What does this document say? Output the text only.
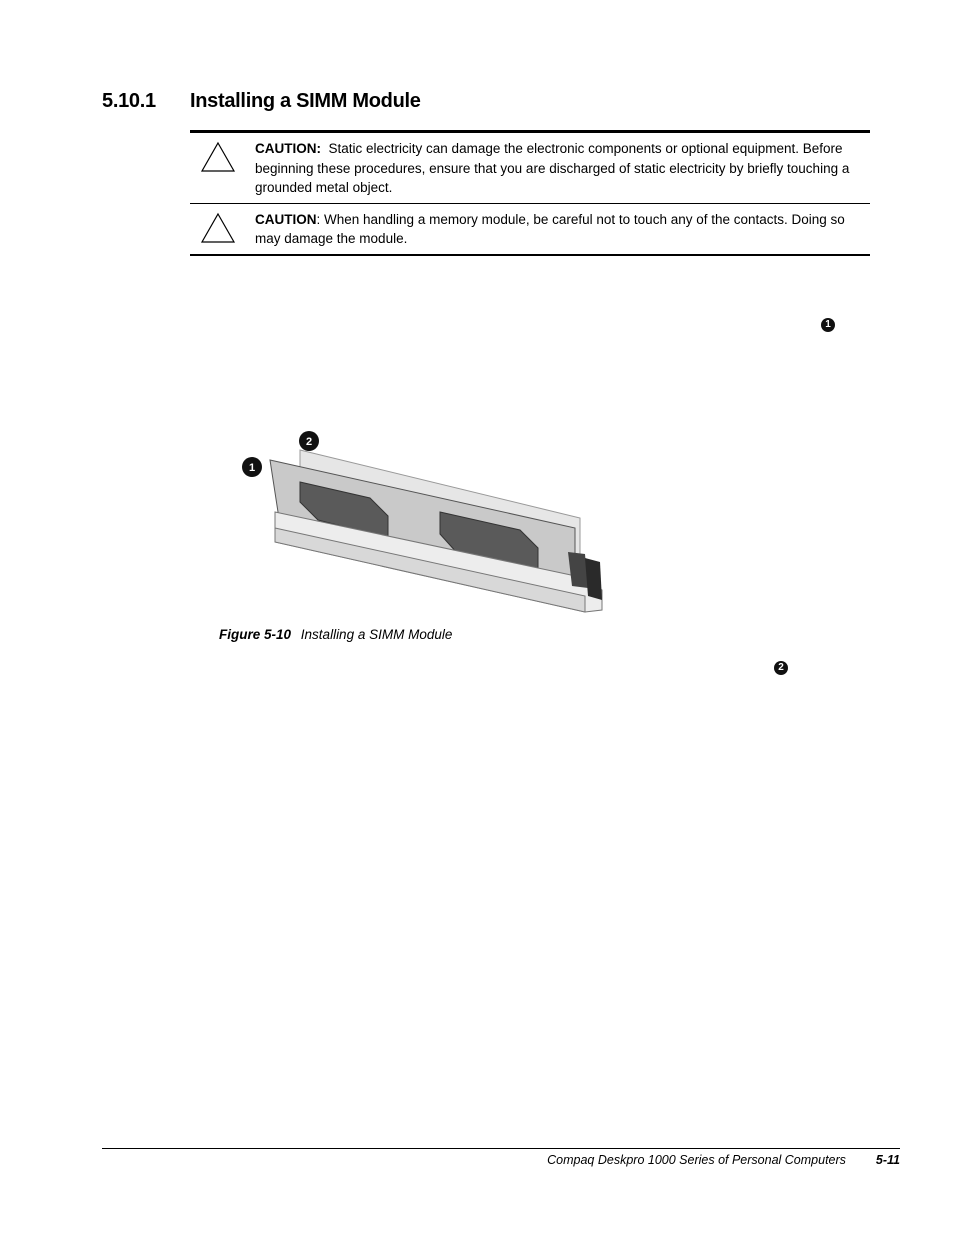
5.10.1	Installing a SIMM Module
CAUTION: Static electricity can damage the electronic components or optional equipment. Before beginning these procedures, ensure that you are discharged of static electricity by briefly touching a grounded metal object.
CAUTION: When handling a memory module, be careful not to touch any of the contacts. Doing so may damage the module.
1
2
1
Figure 5-10 Installing a SIMM Module
2
Compaq Deskpro 1000 Series of Personal Computers 5-11
